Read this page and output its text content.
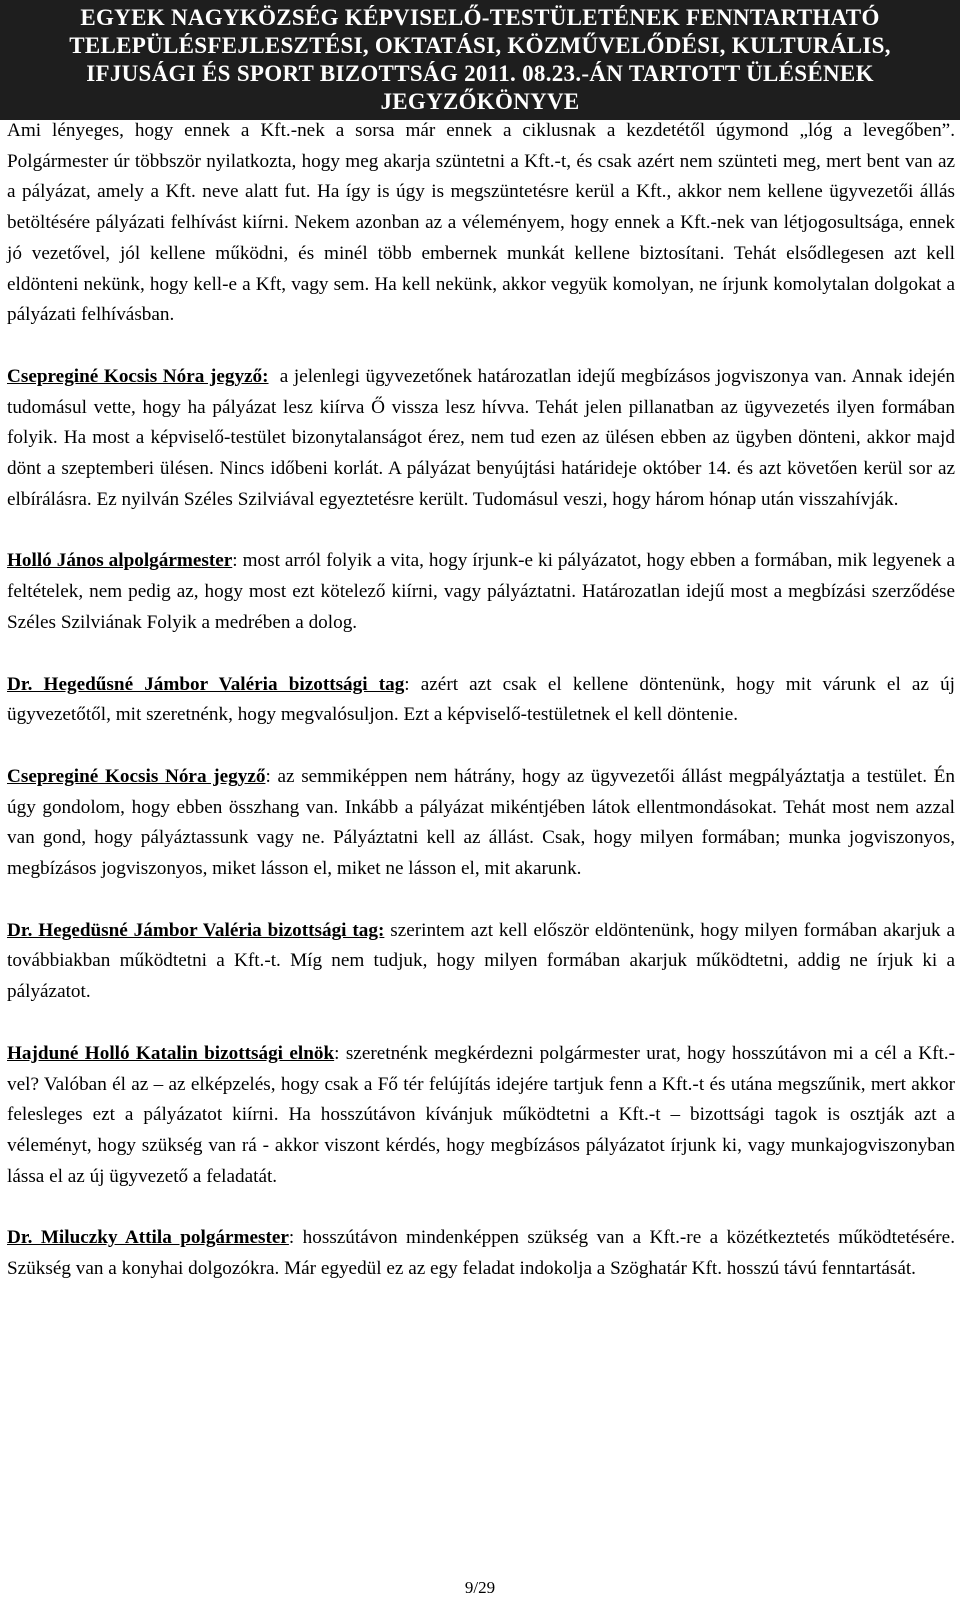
EGYEK NAGYKÖZSÉG KÉPVISELŐ-TESTÜLETÉNEK FENNTARTHATÓ
TELEPÜLÉSFEJLESZTÉSI, OKTATÁSI, KÖZMŰVELŐDÉSI, KULTURÁLIS,
IFJUSÁGI ÉS SPORT BIZOTTSÁG 2011. 08.23.-ÁN TARTOTT ÜLÉSÉNEK
JEGYZŐKÖNYVE

Ami lényeges, hogy ennek a Kft.-nek a sorsa már ennek a ciklusnak a kezdetétől úgymond „lóg a levegőben”. Polgármester úr többször nyilatkozta, hogy meg akarja szüntetni a Kft.-t, és csak azért nem szünteti meg, mert bent van az a pályázat, amely a Kft. neve alatt fut. Ha így is úgy is megszüntetésre kerül a Kft., akkor nem kellene ügyvezetői állás betöltésére pályázati felhívást kiírni. Nekem azonban az a véleményem, hogy ennek a Kft.-nek van létjogosultsága, ennek jó vezetővel, jól kellene működni, és minél több embernek munkát kellene biztosítani. Tehát elsődlegesen azt kell eldönteni nekünk, hogy kell-e a Kft, vagy sem. Ha kell nekünk, akkor vegyük komolyan, ne írjunk komolytalan dolgokat a pályázati felhívásban.

Csepreginé Kocsis Nóra jegyző: a jelenlegi ügyvezetőnek határozatlan idejű megbízásos jogviszonya van. Annak idején tudomásul vette, hogy ha pályázat lesz kiírva Ő vissza lesz hívva. Tehát jelen pillanatban az ügyvezetés ilyen formában folyik. Ha most a képviselő-testület bizonytalanságot érez, nem tud ezen az ülésen ebben az ügyben dönteni, akkor majd dönt a szeptemberi ülésen. Nincs időbeni korlát. A pályázat benyújtási határideje október 14. és azt követően kerül sor az elbírálásra. Ez nyilván Széles Szilviával egyeztetésre került. Tudomásul veszi, hogy három hónap után visszahívják.

Holló János alpolgármester: most arról folyik a vita, hogy írjunk-e ki pályázatot, hogy ebben a formában, mik legyenek a feltételek, nem pedig az, hogy most ezt kötelező kiírni, vagy pályáztatni. Határozatlan idejű most a megbízási szerződése Széles Szilviának Folyik a medrében a dolog.

Dr. Hegedűsné Jámbor Valéria bizottsági tag: azért azt csak el kellene döntenünk, hogy mit várunk el az új ügyvezetőtől, mit szeretnénk, hogy megvalósuljon. Ezt a képviselő-testületnek el kell döntenie.

Csepreginé Kocsis Nóra jegyző: az semmiképpen nem hátrány, hogy az ügyvezetői állást megpályáztatja a testület. Én úgy gondolom, hogy ebben összhang van. Inkább a pályázat mikéntjében látok ellentmondásokat. Tehát most nem azzal van gond, hogy pályáztassunk vagy ne. Pályáztatni kell az állást. Csak, hogy milyen formában; munka jogviszonyos, megbízásos jogviszonyos, miket lásson el, miket ne lásson el, mit akarunk.

Dr. Hegedüsné Jámbor Valéria bizottsági tag: szerintem azt kell először eldöntenünk, hogy milyen formában akarjuk a továbbiakban működtetni a Kft.-t. Míg nem tudjuk, hogy milyen formában akarjuk működtetni, addig ne írjuk ki a pályázatot.

Hajduné Holló Katalin bizottsági elnök: szeretnénk megkérdezni polgármester urat, hogy hosszútávon mi a cél a Kft.-vel? Valóban él az – az elképzelés, hogy csak a Fő tér felújítás idejére tartjuk fenn a Kft.-t és utána megszűnik, mert akkor felesleges ezt a pályázatot kiírni. Ha hosszútávon kívánjuk működtetni a Kft.-t – bizottsági tagok is osztják azt a véleményt, hogy szükség van rá - akkor viszont kérdés, hogy megbízásos pályázatot írjunk ki, vagy munkajogviszonyban lássa el az új ügyvezető a feladatát.

Dr. Miluczky Attila polgármester: hosszútávon mindenképpen szükség van a Kft.-re a közétkeztetés működtetésére. Szükség van a konyhai dolgozókra. Már egyedül ez az egy feladat indokolja a Szöghatár Kft. hosszú távú fenntartását.

9/29
